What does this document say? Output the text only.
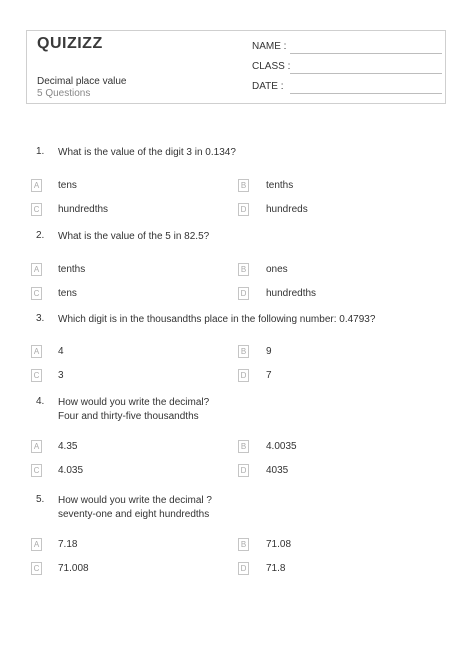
QUIZIZZ
Decimal place value
5 Questions
NAME :
CLASS :
DATE :
1. What is the value of the digit 3 in 0.134?
A tens	B tenths
C hundredths	D hundreds
2. What is the value of the 5 in 82.5?
A tenths	B ones
C tens	D hundredths
3. Which digit is in the thousandths place in the following number: 0.4793?
A 4	B 9
C 3	D 7
4. How would you write the decimal?
Four and thirty-five thousandths
A 4.35	B 4.0035
C 4.035	D 4035
5. How would you write the decimal ?
seventy-one and eight hundredths
A 7.18	B 71.08
C 71.008	D 71.8
